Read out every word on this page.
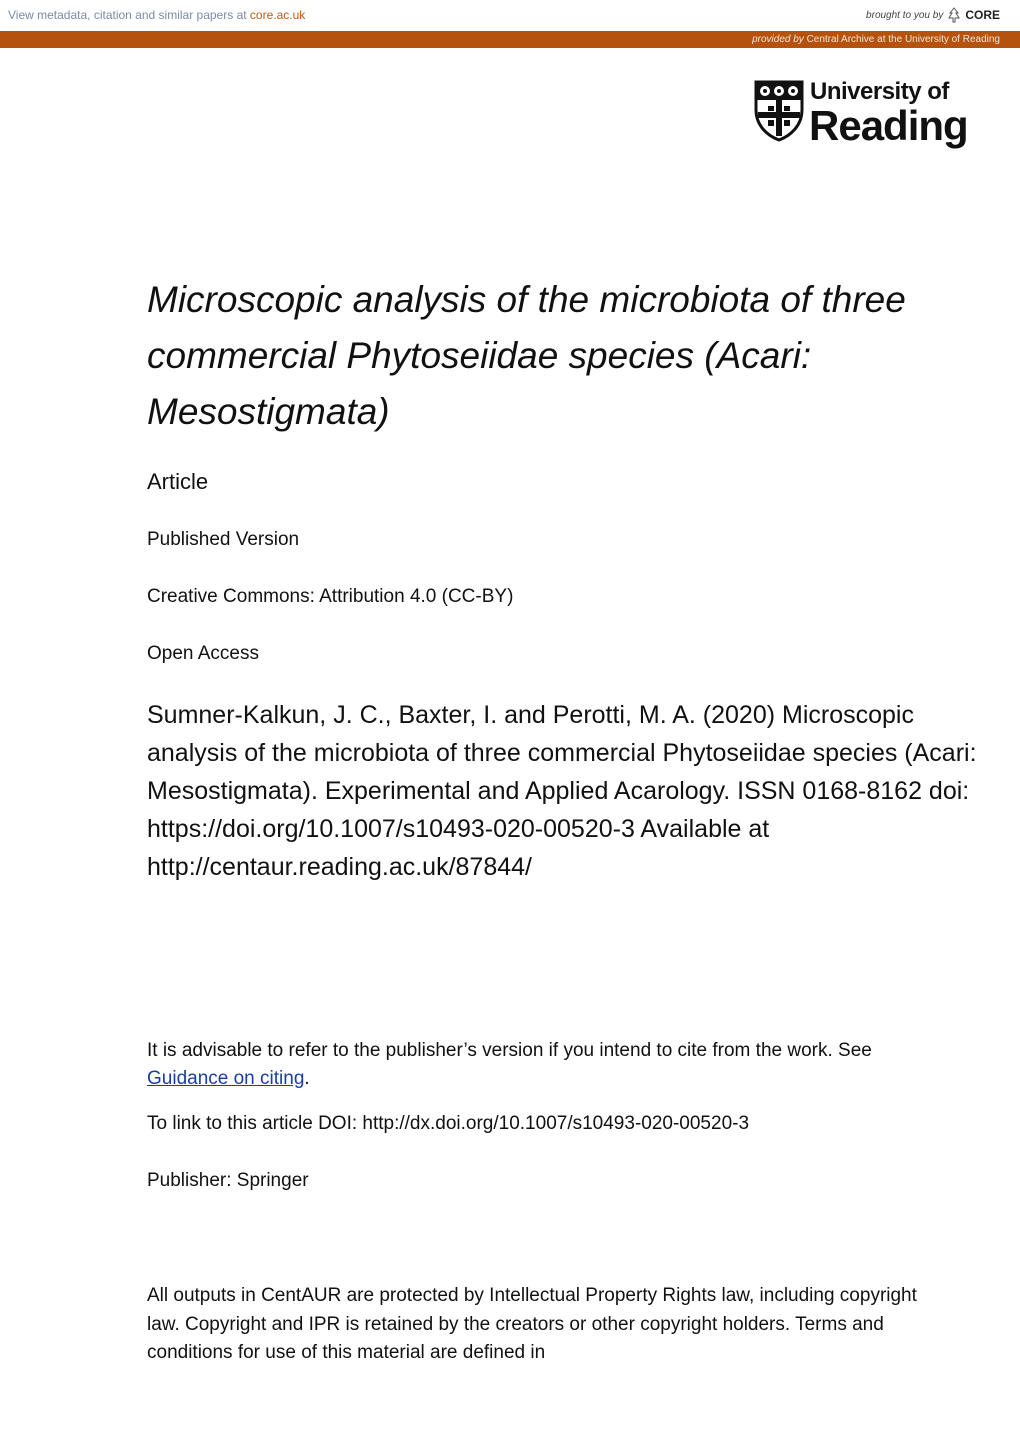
View metadata, citation and similar papers at core.ac.uk	brought to you by CORE
provided by Central Archive at the University of Reading
University of
Reading
Microscopic analysis of the microbiota of three commercial Phytoseiidae species (Acari: Mesostigmata)

Article

Published Version

Creative Commons: Attribution 4.0 (CC-BY)

Open Access

Sumner-Kalkun, J. C., Baxter, I. and Perotti, M. A. (2020) Microscopic analysis of the microbiota of three commercial Phytoseiidae species (Acari: Mesostigmata). Experimental and Applied Acarology. ISSN 0168-8162 doi: https://doi.org/10.1007/s10493-020-00520-3 Available at http://centaur.reading.ac.uk/87844/

It is advisable to refer to the publisher’s version if you intend to cite from the work. See Guidance on citing.

To link to this article DOI: http://dx.doi.org/10.1007/s10493-020-00520-3

Publisher: Springer

All outputs in CentAUR are protected by Intellectual Property Rights law, including copyright law. Copyright and IPR is retained by the creators or other copyright holders. Terms and conditions for use of this material are defined in
